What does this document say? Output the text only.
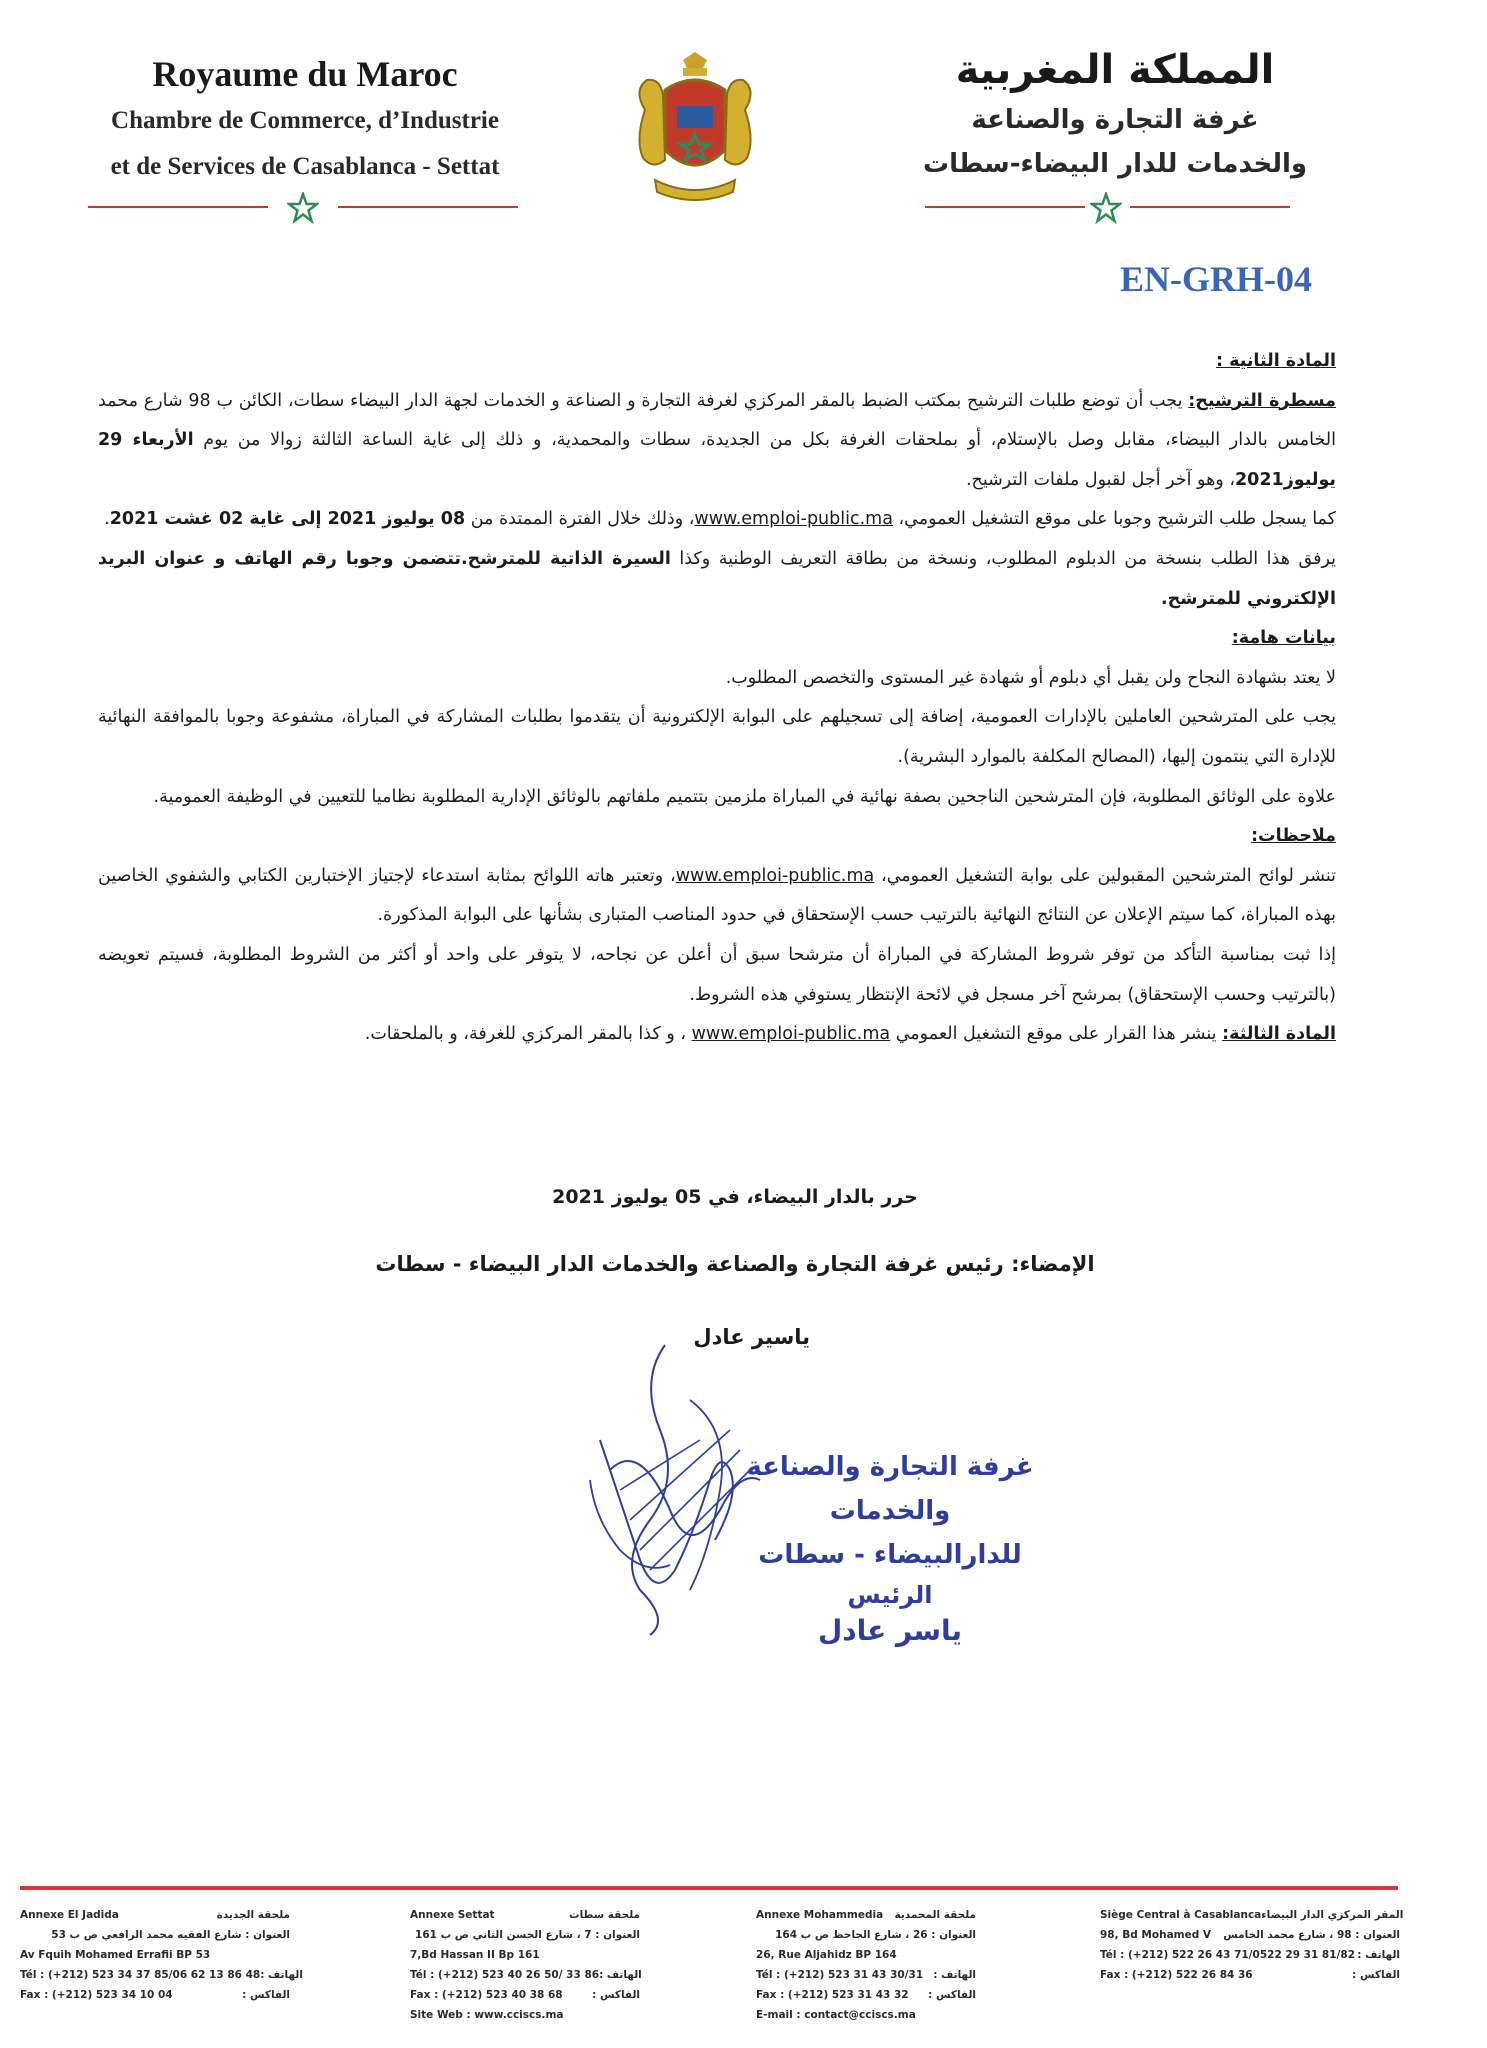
Royaume du Maroc
Chambre de Commerce, d’Industrie
et de Services de Casablanca - Settat
المملكة المغربية
غرفة التجارة والصناعة
والخدمات للدار البيضاء-سطات
EN-GRH-04

المادة الثانية :

مسطرة الترشيح: يجب أن توضع طلبات الترشيح بمكتب الضبط بالمقر المركزي لغرفة التجارة و الصناعة و الخدمات لجهة الدار البيضاء سطات، الكائن ب 98 شارع محمد الخامس بالدار البيضاء، مقابل وصل بالإستلام، أو بملحقات الغرفة بكل من الجديدة، سطات والمحمدية، و ذلك إلى غاية الساعة الثالثة زوالا من يوم الأربعاء 29 يوليوز2021، وهو آخر أجل لقبول ملفات الترشيح.

كما يسجل طلب الترشيح وجوبا على موقع التشغيل العمومي، www.emploi-public.ma، وذلك خلال الفترة الممتدة من 08 يوليوز 2021 إلى غاية 02 غشت 2021.

يرفق هذا الطلب بنسخة من الدبلوم المطلوب، ونسخة من بطاقة التعريف الوطنية وكذا السيرة الذاتية للمترشح.تتضمن وجوبا رقم الهاتف و عنوان البريد الإلكتروني للمترشح.

بيانات هامة:

لا يعتد بشهادة النجاح ولن يقبل أي دبلوم أو شهادة غير المستوى والتخصص المطلوب.

يجب على المترشحين العاملين بالإدارات العمومية، إضافة إلى تسجيلهم على البوابة الإلكترونية أن يتقدموا بطلبات المشاركة في المباراة، مشفوعة وجوبا بالموافقة النهائية للإدارة التي ينتمون إليها، (المصالح المكلفة بالموارد البشرية).

علاوة على الوثائق المطلوبة، فإن المترشحين الناجحين بصفة نهائية في المباراة ملزمين بتتميم ملفاتهم بالوثائق الإدارية المطلوبة نظاميا للتعيين في الوظيفة العمومية.

ملاحظات:

تنشر لوائح المترشحين المقبولين على بوابة التشغيل العمومي، www.emploi-public.ma، وتعتبر هاته اللوائح بمثابة استدعاء لإجتياز الإختبارين الكتابي والشفوي الخاصين بهذه المباراة، كما سيتم الإعلان عن النتائج النهائية بالترتيب حسب الإستحقاق في حدود المناصب المتبارى بشأنها على البوابة المذكورة.

إذا ثبت بمناسبة التأكد من توفر شروط المشاركة في المباراة أن مترشحا سبق أن أعلن عن نجاحه، لا يتوفر على واحد أو أكثر من الشروط المطلوبة، فسيتم تعويضه (بالترتيب وحسب الإستحقاق) بمرشح آخر مسجل في لائحة الإنتظار يستوفي هذه الشروط.

المادة الثالثة: ينشر هذا القرار على موقع التشغيل العمومي www.emploi-public.ma ، و كذا بالمقر المركزي للغرفة، و بالملحقات.

حرر بالدار البيضاء، في 05 يوليوز 2021
الإمضاء: رئيس غرفة التجارة والصناعة والخدمات الدار البيضاء - سطات
ياسير عادل
غرفة التجارة والصناعة والخدمات
للدارالبيضاء - سطات
الرئيس
ياسر عادل
Annexe El Jadida	ملحقة الجديدة
العنوان : شارع الفقيه محمد الرافعي ص ب 53
Av Fquih Mohamed Errafii BP 53
Tél : (+212) 523 34 37 85/06 62 13 86 48 الهاتف :
Fax : (+212) 523 34 10 04	الفاكس :
Annexe Settat	ملحقة سطات
العنوان : 7 ، شارع الحسن الثاني ص ب 161
7,Bd Hassan II Bp 161
Tél : (+212) 523 40 26 50/ 33 86 الهاتف :
Fax : (+212) 523 40 38 68	الفاكس :
Site Web : www.cciscs.ma
Annexe Mohammedia ملحقة المحمدية
العنوان : 26 ، شارع الجاحظ ص ب 164
26, Rue Aljahidz BP 164
Tél : (+212) 523 31 43 30/31 الهاتف :
Fax : (+212) 523 31 43 32 الفاكس :
E-mail : contact@cciscs.ma
Siège Central à Casablanca المقر المركزي الدار البيضاء
98, Bd Mohamed V العنوان : 98 ، شارع محمد الخامس
Tél : (+212) 522 26 43 71/0522 29 31 81/82 الهاتف :
Fax : (+212) 522 26 84 36	الفاكس :
